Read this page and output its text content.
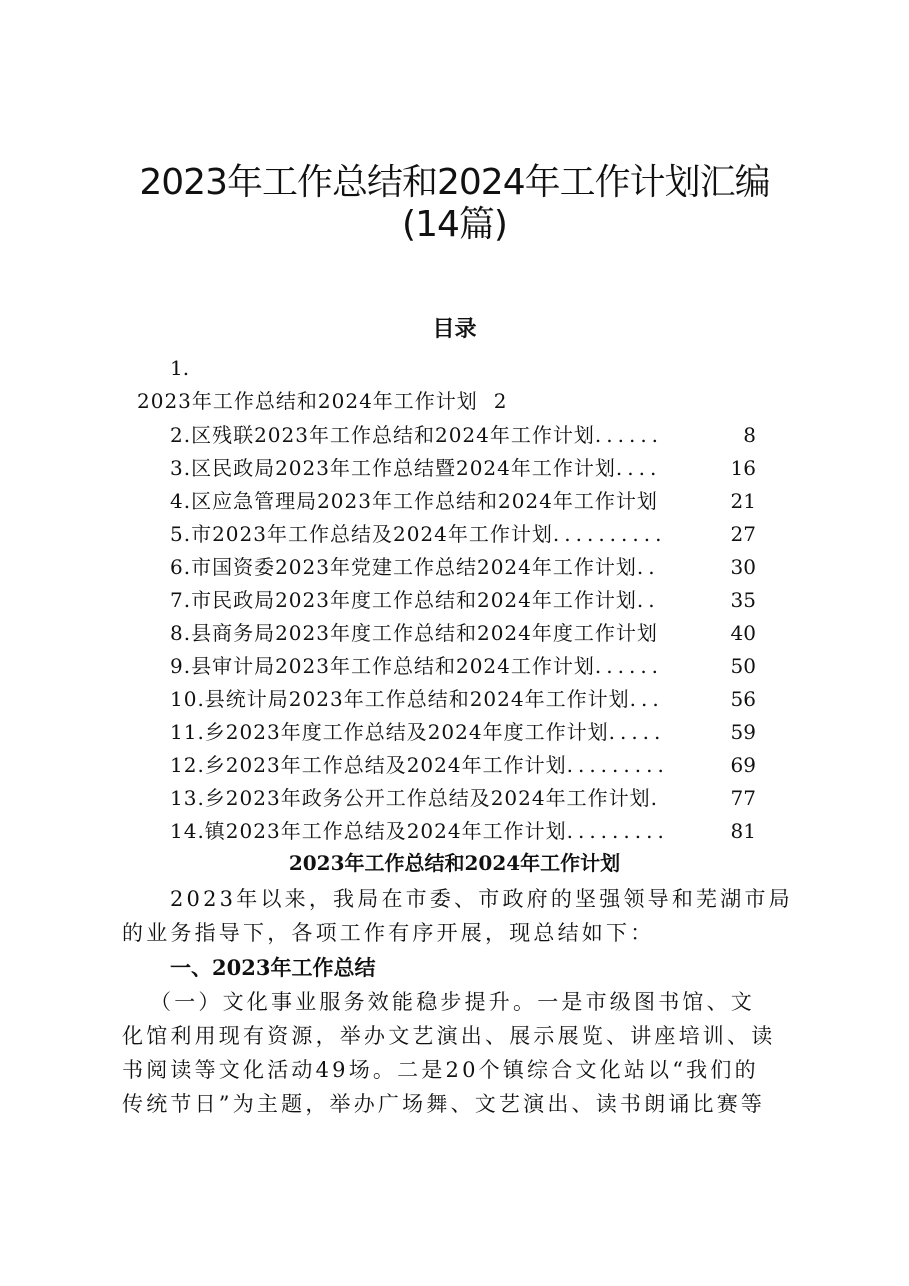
2023年工作总结和2024年工作计划汇编
(14篇)
目录
1.
2023年工作总结和2024年工作计划 2
2.区残联2023年工作总结和2024年工作计划 ......	8
3.区民政局2023年工作总结暨2024年工作计划 ....	16
4.区应急管理局2023年工作总结和2024年工作计划	21
5.市2023年工作总结及2024年工作计划 ..........	27
6.市国资委2023年党建工作总结2024年工作计划 ..	30
7.市民政局2023年度工作总结和2024年工作计划 ..	35
8.县商务局2023年度工作总结和2024年度工作计划	40
9.县审计局2023年工作总结和2024工作计划 ......	50
10.县统计局2023年工作总结和2024年工作计划 ...	56
11.乡2023年度工作总结及2024年度工作计划 .....	59
12.乡2023年工作总结及2024年工作计划 .........	69
13.乡2023年政务公开工作总结及2024年工作计划 .	77
14.镇2023年工作总结及2024年工作计划 .........	81
2023年工作总结和2024年工作计划
2023年以来，我局在市委、市政府的坚强领导和芜湖市局
的业务指导下，各项工作有序开展，现总结如下：
一、2023年工作总结
（一）文化事业服务效能稳步提升。一是市级图书馆、文
化馆利用现有资源，举办文艺演出、展示展览、讲座培训、读
书阅读等文化活动49场。二是20个镇综合文化站以“我们的
传统节日”为主题，举办广场舞、文艺演出、读书朗诵比赛等
